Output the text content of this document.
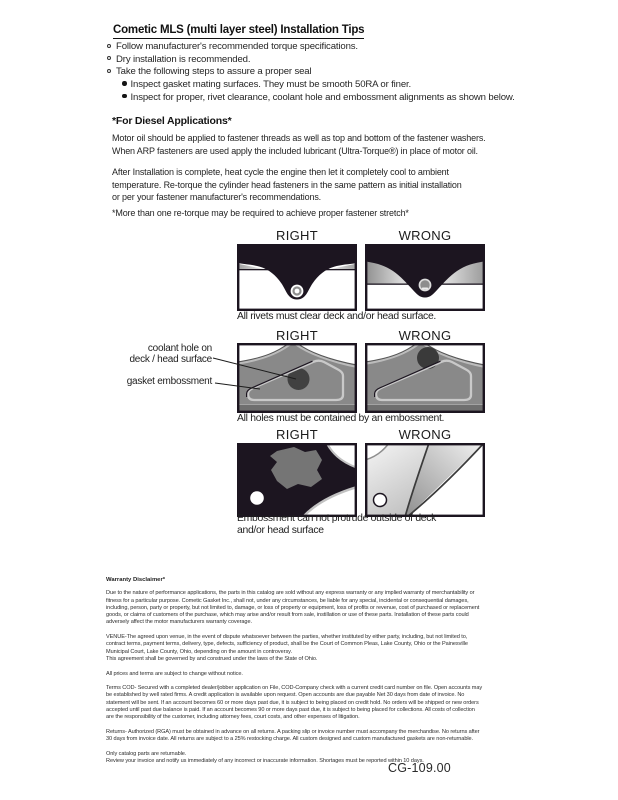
Cometic MLS (multi layer steel) Installation Tips
Follow manufacturer's recommended torque specifications.
Dry installation is recommended.
Take the following steps to assure a proper seal
Inspect gasket mating surfaces. They must be smooth 50RA or finer.
Inspect for proper, rivet clearance, coolant hole and embossment alignments as shown below.
*For Diesel Applications*
Motor oil should be applied to fastener threads as well as top and bottom of the fastener washers.
When ARP fasteners are used apply the included lubricant (Ultra-Torque®) in place of motor oil.
After Installation is complete, heat cycle the engine then let it completely cool to ambient
temperature. Re-torque the cylinder head fasteners in the same pattern as initial installation
or per your fastener manufacturer's recommendations.
*More than one re-torque may be required to achieve proper fastener stretch*
RIGHT	WRONG
All rivets must clear deck and/or head surface.
RIGHT	WRONG
coolant hole on
deck / head surface
gasket embossment
All holes must be contained by an embossment.
RIGHT	WRONG
Embossment can not protrude outside of deck
and/or head surface
Warranty Disclaimer*
Due to the nature of performance applications, the parts in this catalog are sold without any express warranty or any implied warranty of merchantability or
fitness for a particular purpose. Cometic Gasket Inc., shall not, under any circumstances, be liable for any special, incidental or consequential damages,
including, person, party or property, but not limited to, damage, or loss of property or equipment, loss of profits or revenue, cost of purchased or replacement
goods, or claims of customers of the purchase, which may arise and/or result from sale, instillation or use of these parts. Installation of these parts could
adversely affect the motor manufacturers warranty coverage.
VENUE-The agreed upon venue, in the event of dispute whatsoever between the parties, whether instituted by either party, including, but not limited to,
contract terms, payment terms, delivery, type, defects, sufficiency of product, shall be the Court of Common Pleas, Lake County, Ohio or the Painesville
Municipal Court, Lake County, Ohio, depending on the amount in controversy.
This agreement shall be governed by and construed under the laws of the State of Ohio.
All prices and terms are subject to change without notice.
Terms COD- Secured with a completed dealer/jobber application on File, COD-Company check with a current credit card number on file. Open accounts may
be established by well rated firms. A credit application is available upon request. Open accounts are due payable Net 30 days from date of invoice. No
statement will be sent. If an account becomes 60 or more days past due, it is subject to being placed on credit hold. No orders will be shipped or new orders
accepted until past due balance is paid. If an account becomes 90 or more days past due, it is subject to being placed for collections. All costs of collection
are the responsibility of the customer, including attorney fees, court costs, and other expenses of litigation.
Returns- Authorized (RGA) must be obtained in advance on all returns. A packing slip or invoice number must accompany the merchandise. No returns after
30 days from invoice date. All returns are subject to a 25% restocking charge. All custom designed and custom manufactured gaskets are non-returnable.
Only catalog parts are returnable.
Review your invoice and notify us immediately of any incorrect or inaccurate information. Shortages must be reported within 10 days.
CG-109.00
